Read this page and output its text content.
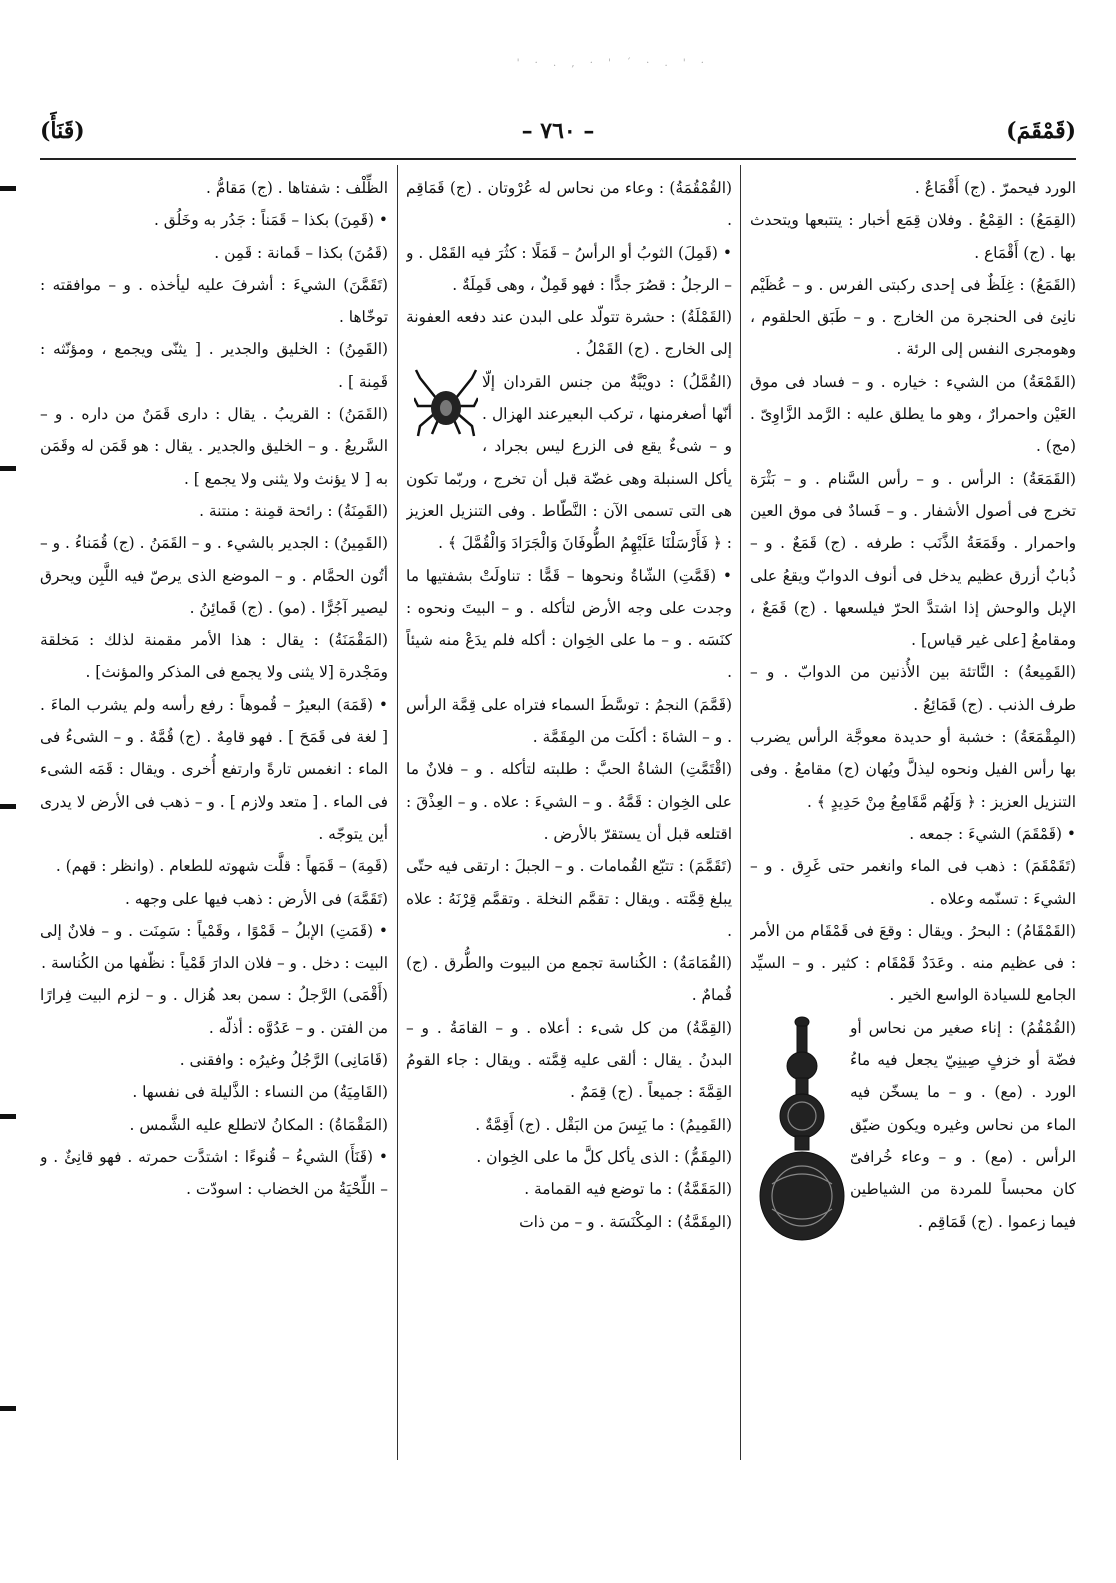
· ' . · ´ ' · , . · '
(قَمْقَمَ)
– ٧٦٠ –
(قَنَأَ)

الورد فيحمرّ . (ج) أَقْمَاعٌ .

(القِمَعُ) : القِمْعُ . وفلان قِمَع أخبار : يتتبعها ويتحدث بها . (ج) أَقْمَاع .

(القَمَعُ) : غِلَظٌ فى إحدى ركبتى الفرس . و – عُظَيْم نانِئ فى الحنجرة من الخارج . و – طَبَق الحلقوم ، وهومجرى النفس إلى الرئة .

(القَمْعَةُ) من الشيء : خياره . و – فساد فى موق العَيْن واحمرارٌ ، وهو ما يطلق عليه : الرَّمد الزَّاوِىّ . (مج) .

(القَمَعَةُ) : الرأس . و – رأس السَّنام . و – بَثْرَة تخرج فى أصول الأشفار . و – فَسادٌ فى موق العين واحمرار . وقَمَعَةُ الذَّنَب : طرفه . (ج) قَمَعٌ . و – ذُبابٌ أزرق عظيم يدخل فى أنوف الدوابّ ويقعُ على الإبل والوحش إذا اشتدَّ الحرّ فيلسعها . (ج) قَمَعٌ ، ومقامعُ [على غير قياس] .

(القَمِيعةُ) : النَّاتئة بين الأُذنين من الدوابّ . و – طرف الذنب . (ج) قَمَائِعُ .

(المِقْمَعَةُ) : خشبة أو حديدة معوجَّة الرأس يضرب بها رأس الفيل ونحوه ليذلَّ ويُهان (ج) مقامعُ . وفى التنزيل العزيز : ﴿ وَلَهُم مَّقَامِعُ مِنْ حَدِيدٍ ﴾ .

• (قَمْقَمَ) الشيءَ : جمعه .

(تَقَمْقَمَ) : ذهب فى الماء وانغمر حتى غَرِق . و – الشيءَ : تسنّمه وعلاه .

(القَمْقَامُ) : البحرُ . ويقال : وقعَ فى قَمْقَام من الأمر : فى عظيم منه . وعَدَدٌ قَمْقَام : كثير . و – السيِّد الجامع للسيادة الواسع الخير .

(القُمْقُمُ) : إناء صغير من نحاس أو فضّة أو خزفٍ صِينِيّ يجعل فيه ماءُ الورد . (مع) . و – ما يسخّن فيه الماء من نحاس وغيره ويكون ضيّق الرأس . (مع) . و – وعاء خُرافىّ كان محبساً للمردة من الشياطين فيما زعموا . (ج) قَمَاقِم .

(القُمْقُمَةُ) : وعاء من نحاس له عُرْوتان . (ج) قَمَاقِم .

• (قَمِلَ) الثوبُ أو الرأسُ – قَمَلًا : كثُرَ فيه القَمْل . و – الرجلُ : قصُرَ جدًّا : فهو قَمِلٌ ، وهى قَمِلَةٌ .

(القَمْلَةُ) : حشرة تتولّد على البدن عند دفعه العفونة إلى الخارج . (ج) القَمْلُ .

(القُمَّلُ) : دويْبَّةٌ من جنس القردان إلّا أنّها أصغرمنها ، تركب البعيرعند الهزال . و – شىءٌ يقع فى الزرع ليس بجراد ، يأكل السنبلة وهى غضّة قبل أن تخرج ، وربّما تكون هى التى تسمى الآن : النَّطّاط . وفى التنزيل العزيز : ﴿ فَأَرْسَلْنَا عَلَيْهِمُ الطُّوفَانَ وَالْجَرَادَ وَالْقُمَّلَ ﴾ .

• (قَمَّتِ) الشّاةُ ونحوها – قَمًّا : تناولَتْ بشفتيها ما وجدت على وجه الأرض لتأكله . و – البيتَ ونحوه : كنَسَه . و – ما على الخِوان : أكله فلم يدَعْ منه شيئاً .

(قَمَّمَ) النجمُ : توسَّطَ السماء فتراه على قِمَّة الرأس . و – الشاةَ : أكلَت من المِقَمَّة .

(اقْتَمَّتِ) الشاةُ الحبَّ : طلبته لتأكله . و – فلانٌ ما على الخِوان : قَمَّهُ . و – الشيءَ : علاه . و – العِذْقَ : اقتلعه قبل أن يستقرّ بالأرض .

(تَقَمَّمَ) : تتبّع القُمامات . و – الجبلَ : ارتقى فيه حتّى يبلغ قِمَّته . ويقال : تقمَّم النخلة . وتقمَّم قِرْنَهُ : علاه .

(القُمَامَةُ) : الكُناسة تجمع من البيوت والطُّرق . (ج) قُمامٌ .

(القِمَّةُ) من كل شىء : أعلاه . و – القامَةُ . و – البدنُ . يقال : ألقى عليه قِمَّته . ويقال : جاء القومُ القِمَّةَ : جميعاً . (ج) قِمَمٌ .

(القَمِيمُ) : ما يَبِسَ من البَقْل . (ج) أَقِمَّةٌ .

(المِقَمُّ) : الذى يأكل كلَّ ما على الخِوان .

(المَقَمَّةُ) : ما توضع فيه القمامة .

(المِقَمَّةُ) : المِكْنَسَة . و – من ذات

الظِّلْف : شفتاها . (ج) مَقامُّ .

• (قَمِنَ) بكذا – قَمَناً : جَدُر به وخَلُق .

(قَمُنَ) بكذا – قَمانة : قَمِن .

(تَقَمَّنَ) الشيءَ : أشرفَ عليه ليأخذه . و – موافقته : توخّاها .

(القَمِنُ) : الخليق والجدير . [ يثنّى ويجمع ، ومؤنّثه : قَمِنة ] .

(القَمَنُ) : القريبُ . يقال : دارى قَمَنٌ من داره . و – السَّريعُ . و – الخليق والجدير . يقال : هو قَمَن له وقَمَن به [ لا يؤنث ولا يثنى ولا يجمع ] .

(القَمِنَةُ) : رائحة قمِنة : منتنة .

(القَمِينُ) : الجدير بالشيء . و – القَمَنُ . (ج) قُمَناءُ . و – أتُون الحمَّام . و – الموضع الذى يرصّ فيه اللَّبِن ويحرق ليصير آجُرًّا . (مو) . (ج) قَمائِنُ .

(المَقْمَنَةُ) : يقال : هذا الأمر مقمنة لذلك : مَخلقة ومَجْدرة [لا يثنى ولا يجمع فى المذكر والمؤنث] .

• (قَمَهَ) البعيرُ – قُموهاً : رفع رأسه ولم يشرب الماءَ . [ لغة فى قَمَحَ ] . فهو قامِهٌ . (ج) قُمَّهٌ . و – الشىءُ فى الماء : انغمس تارةً وارتفع أُخرى . ويقال : قَمَه الشىء فى الماء . [ متعد ولازم ] . و – ذهب فى الأرض لا يدرى أين يتوجّه .

(قَمِهَ) – قَمَهاً : قلَّت شهوته للطعام . (وانظر : قهم) .

(تَقَمَّهَ) فى الأرض : ذهب فيها على وجهه .

• (قَمَتِ) الإبلُ – قَمْوًا ، وقَمْياً : سَمِنَت . و – فلانٌ إلى البيت : دخل . و – فلان الدارَ قَمْياً : نظّفها من الكُناسة .

(أَقْمَى) الرَّجلُ : سمن بعد هُزال . و – لزم البيت فِرارًا من الفتن . و – عَدُوَّه : أذلّه .

(قَامَانِى) الرَّجُلُ وغيرُه : وافقنى .

(القَامِيَةُ) من النساء : الذَّليلة فى نفسها .

(المَقْمَاةُ) : المكانُ لاتطلع عليه الشَّمس .

• (قَنَأَ) الشيءُ – قُنوءًا : اشتدَّت حمرته . فهو قانِئٌ . و – اللِّحْيَةُ من الخضاب : اسودّت .
